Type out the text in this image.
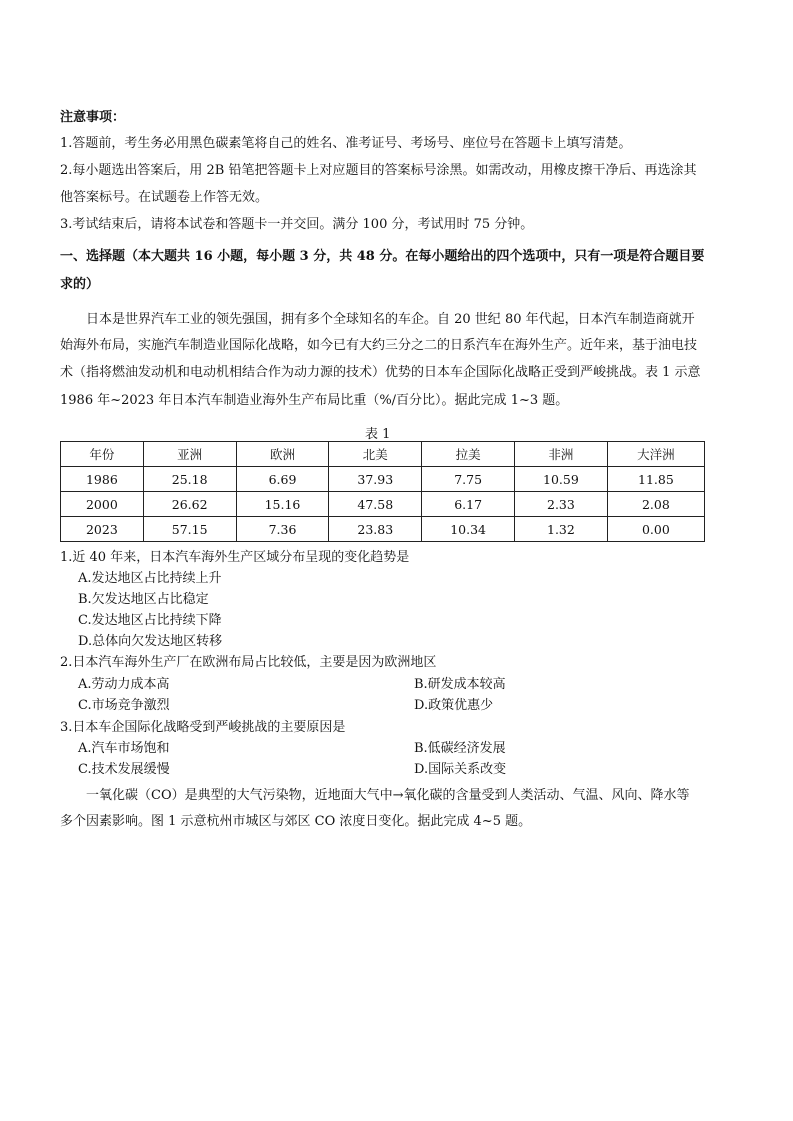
注意事项：
1.答题前，考生务必用黑色碳素笔将自己的姓名、准考证号、考场号、座位号在答题卡上填写清楚。
2.每小题选出答案后，用 2B 铅笔把答题卡上对应题目的答案标号涂黑。如需改动，用橡皮擦干净后、再选涂其
他答案标号。在试题卷上作答无效。
3.考试结束后，请将本试卷和答题卡一并交回。满分 100 分，考试用时 75 分钟。
一、选择题（本大题共 16 小题，每小题 3 分，共 48 分。在每小题给出的四个选项中，只有一项是符合题目要
求的）
日本是世界汽车工业的领先强国，拥有多个全球知名的车企。自 20 世纪 80 年代起，日本汽车制造商就开
始海外布局，实施汽车制造业国际化战略，如今已有大约三分之二的日系汽车在海外生产。近年来，基于油电技
术（指将燃油发动机和电动机相结合作为动力源的技术）优势的日本车企国际化战略正受到严峻挑战。表 1 示意
1986 年~2023 年日本汽车制造业海外生产布局比重（%/百分比）。据此完成 1~3 题。
表 1
年份	亚洲	欧洲	北美	拉美	非洲	大洋洲
1986	25.18	6.69	37.93	7.75	10.59	11.85
2000	26.62	15.16	47.58	6.17	2.33	2.08
2023	57.15	7.36	23.83	10.34	1.32	0.00
1.近 40 年来，日本汽车海外生产区域分布呈现的变化趋势是
A.发达地区占比持续上升
B.欠发达地区占比稳定
C.发达地区占比持续下降
D.总体向欠发达地区转移
2.日本汽车海外生产厂在欧洲布局占比较低，主要是因为欧洲地区
A.劳动力成本高	B.研发成本较高
C.市场竞争激烈	D.政策优惠少
3.日本车企国际化战略受到严峻挑战的主要原因是
A.汽车市场饱和	B.低碳经济发展
C.技术发展缓慢	D.国际关系改变
一氧化碳（CO）是典型的大气污染物，近地面大气中→氧化碳的含量受到人类活动、气温、风向、降水等
多个因素影响。图 1 示意杭州市城区与郊区 CO 浓度日变化。据此完成 4~5 题。
